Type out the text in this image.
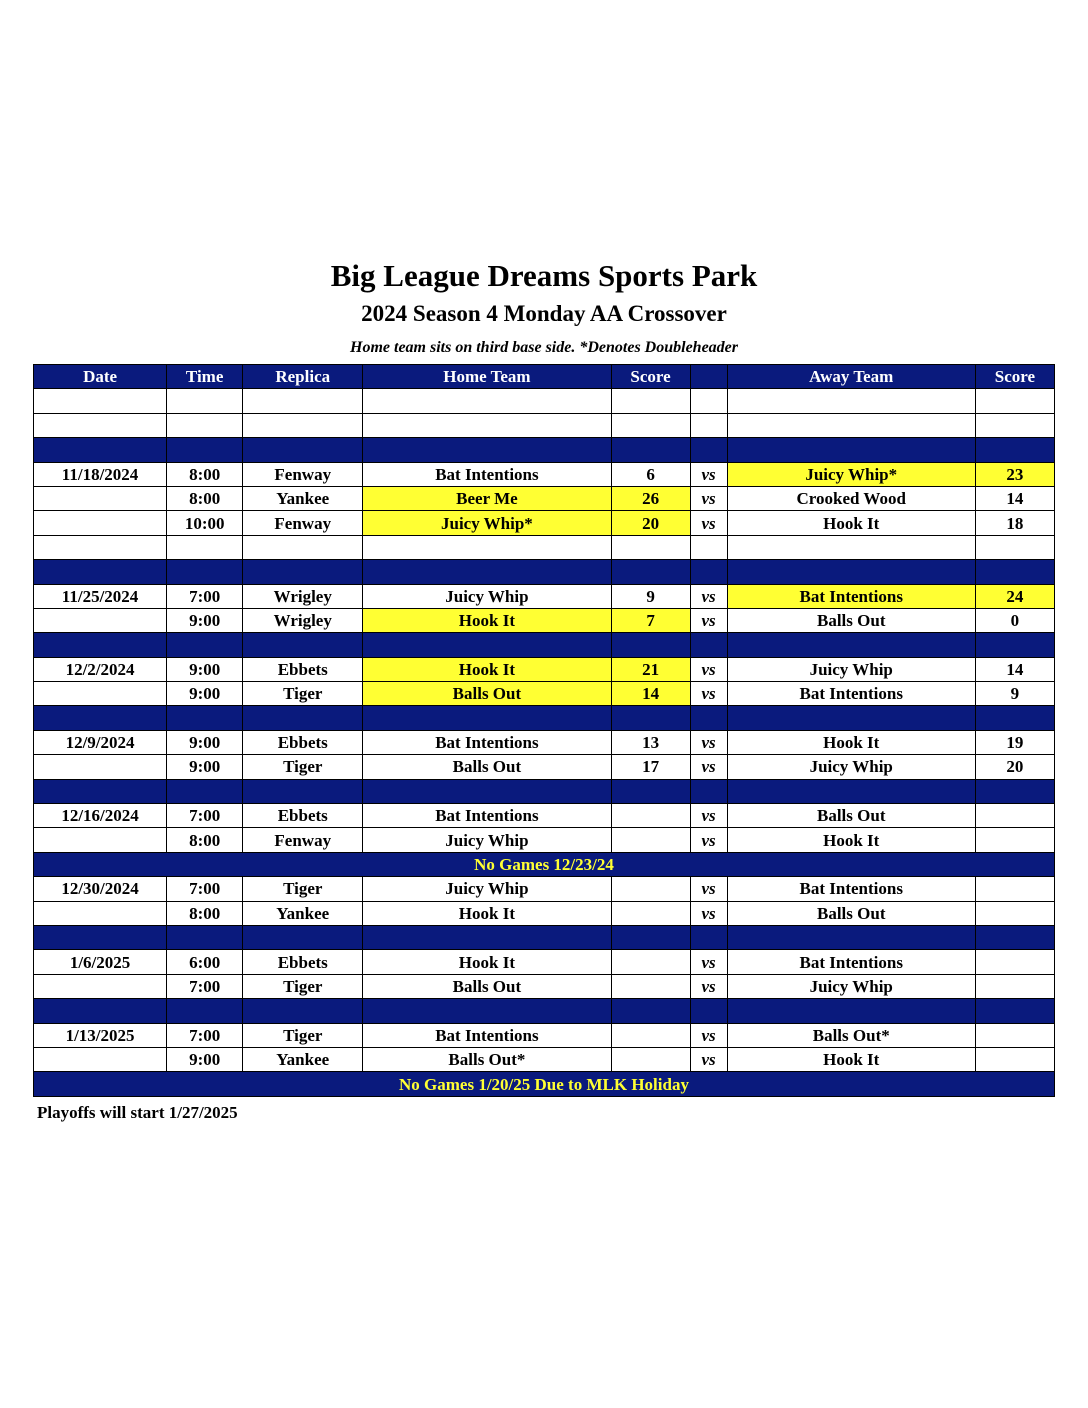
Big League Dreams Sports Park
2024 Season 4 Monday AA Crossover
Home team sits on third base side. *Denotes Doubleheader
Date	Time	Replica	Home Team	Score		Away Team	Score

11/18/2024	8:00	Fenway	Bat Intentions	6	vs	Juicy Whip*	23
	8:00	Yankee	Beer Me	26	vs	Crooked Wood	14
	10:00	Fenway	Juicy Whip*	20	vs	Hook It	18

11/25/2024	7:00	Wrigley	Juicy Whip	9	vs	Bat Intentions	24
	9:00	Wrigley	Hook It	7	vs	Balls Out	0

12/2/2024	9:00	Ebbets	Hook It	21	vs	Juicy Whip	14
	9:00	Tiger	Balls Out	14	vs	Bat Intentions	9

12/9/2024	9:00	Ebbets	Bat Intentions	13	vs	Hook It	19
	9:00	Tiger	Balls Out	17	vs	Juicy Whip	20

12/16/2024	7:00	Ebbets	Bat Intentions		vs	Balls Out	
	8:00	Fenway	Juicy Whip		vs	Hook It	
No Games 12/23/24							
12/30/2024	7:00	Tiger	Juicy Whip		vs	Bat Intentions	
	8:00	Yankee	Hook It		vs	Balls Out	

1/6/2025	6:00	Ebbets	Hook It		vs	Bat Intentions	
	7:00	Tiger	Balls Out		vs	Juicy Whip	

1/13/2025	7:00	Tiger	Bat Intentions		vs	Balls Out*	
	9:00	Yankee	Balls Out*		vs	Hook It	
No Games 1/20/25 Due to MLK Holiday							
Playoffs will start 1/27/2025
